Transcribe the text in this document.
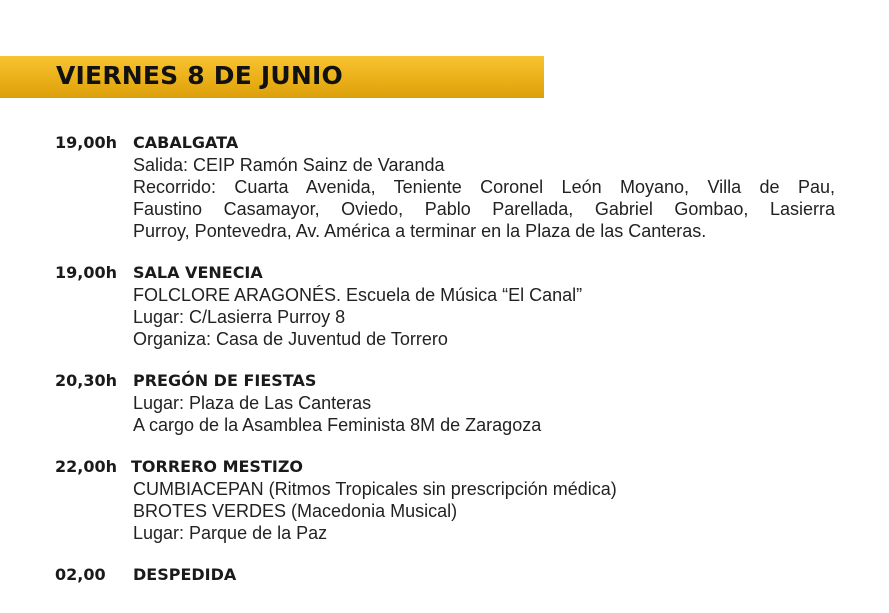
VIERNES 8 DE JUNIO
19,00h CABALGATA
Salida: CEIP Ramón Sainz de Varanda
Recorrido: Cuarta Avenida, Teniente Coronel León Moyano, Villa de Pau,
Faustino Casamayor, Oviedo, Pablo Parellada, Gabriel Gombao, Lasierra
Purroy, Pontevedra, Av. América a terminar en la Plaza de las Canteras.
19,00h SALA VENECIA
FOLCLORE ARAGONÉS. Escuela de Música “El Canal”
Lugar: C/Lasierra Purroy 8
Organiza: Casa de Juventud de Torrero
20,30h PREGÓN DE FIESTAS
Lugar: Plaza de Las Canteras
A cargo de la Asamblea Feminista 8M de Zaragoza
22,00h TORRERO MESTIZO
CUMBIACEPAN (Ritmos Tropicales sin prescripción médica)
BROTES VERDES (Macedonia Musical)
Lugar: Parque de la Paz
02,00 DESPEDIDA
